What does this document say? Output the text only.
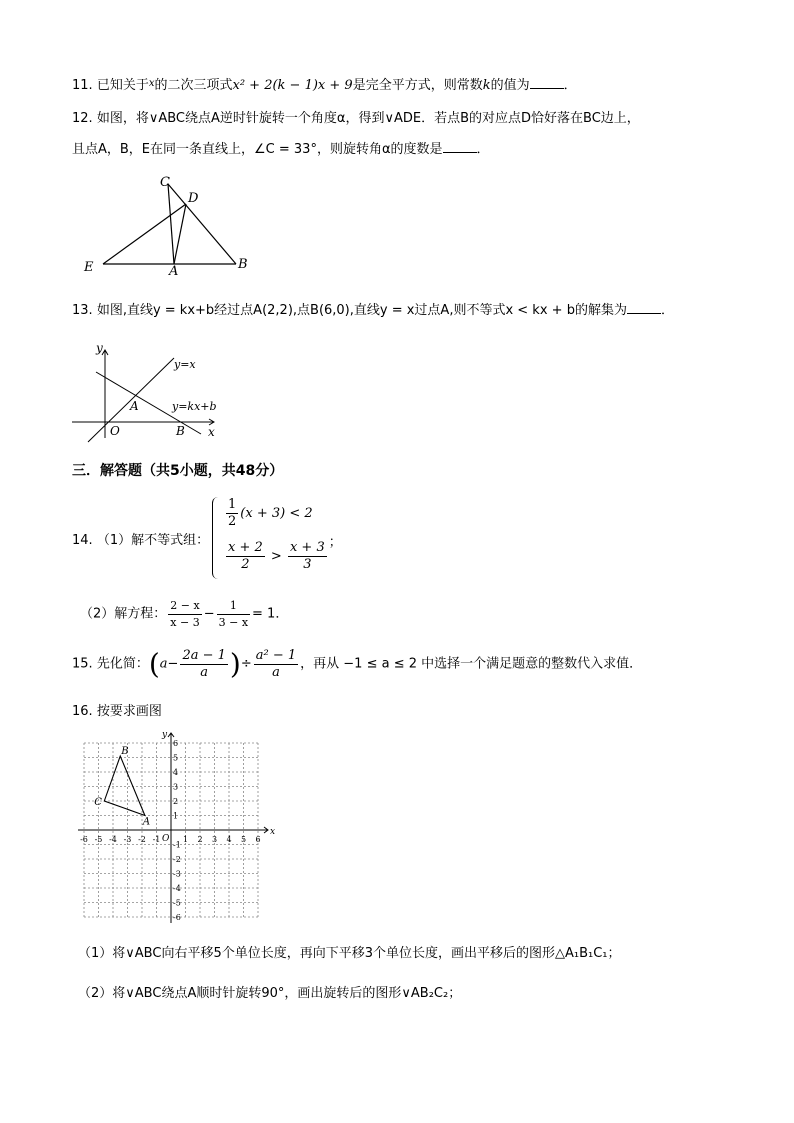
11. 已知关于$^x$的二次三项式x² + 2(k − 1)x + 9是完全平方式，则常数k的值为	．
12. 如图，将∨ABC绕点A逆时针旋转一个角度α，得到∨ADE．若点B的对应点D恰好落在BC边上，
且点A，B，E在同一条直线上，∠C = 33°，则旋转角α的度数是	．
C
D
E	A	B
13. 如图,直线y = kx+b经过点A(2,2),点B(6,0),直线y = x过点A,则不等式x < kx + b的解集为	．
y
x
O
A
B
y=x
y=kx+b
三．解答题（共5小题，共48分）
14. （1）解不等式组：
$\frac{1}{2} (x + 3) < 2$
$\frac{x + 2}{2} > \frac{x + 3}{3}$ ；
（2）解方程： $\frac{2 - x}{x - 3} - \frac{1}{3 - x} = 1$．
15. 先化简：($a- \frac{2a - 1}{a}$ )÷ $\frac{\text{a² − 1}}{a}$ ，再从 −1 ≤ a ≤ 2 中选择一个满足题意的整数代入求值．
16. 按要求画图
-6 -5 -4 -3 -2 -1	1 2 3 4 5 6
6
5
4
3
2
1
-1
-2
-3
-4
-5
-6
O
x
y
B
C
A
（1）将∨ABC向右平移5个单位长度，再向下平移3个单位长度，画出平移后的图形△A₁B₁C₁；
（2）将∨ABC绕点A顺时针旋转90°，画出旋转后的图形∨AB₂C₂；
